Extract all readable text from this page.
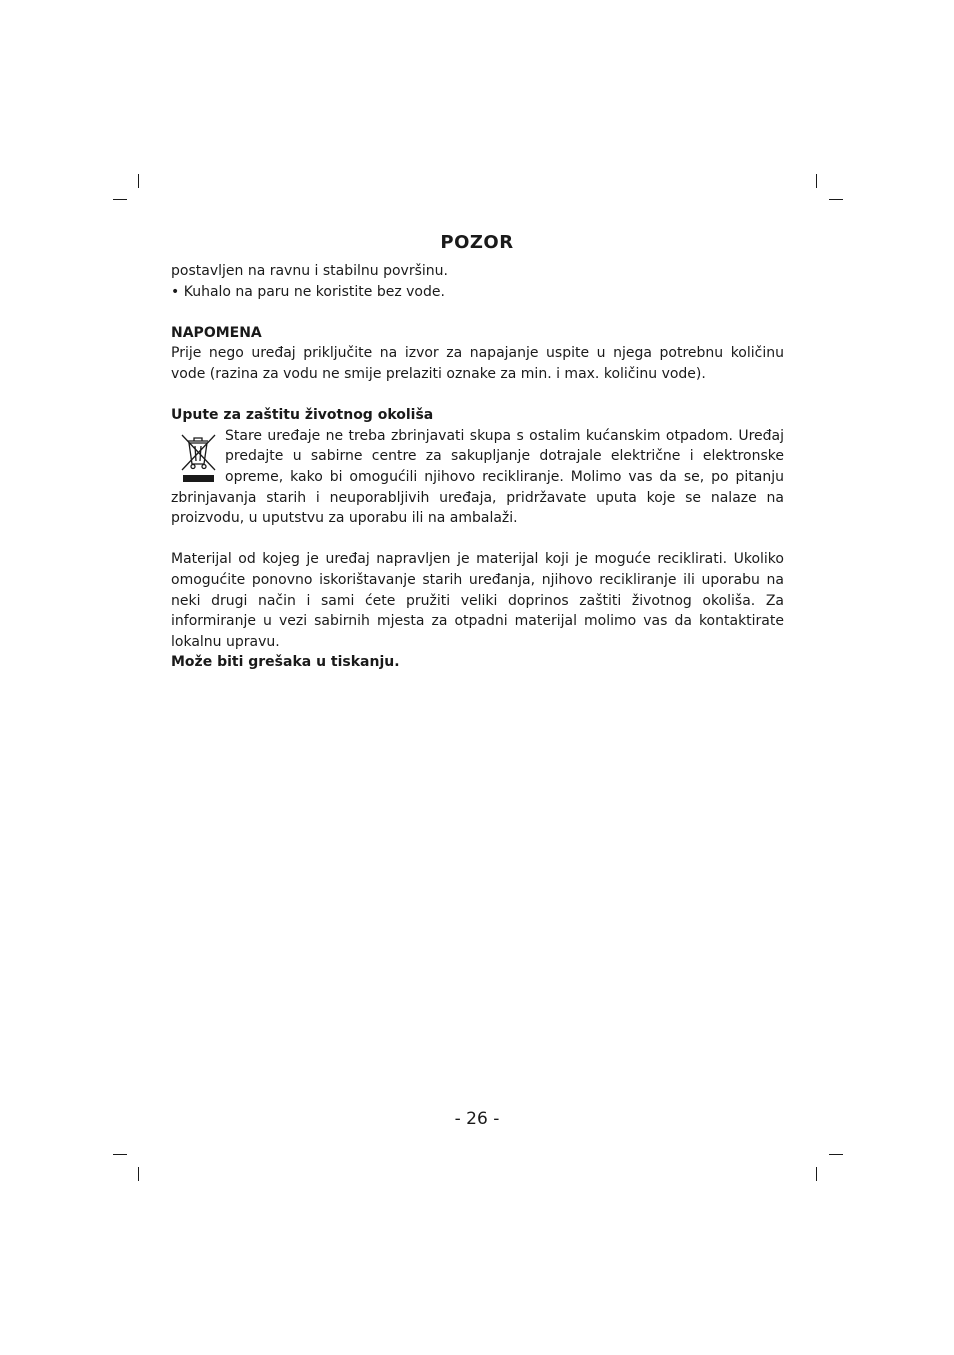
POZOR

postavljen na ravnu i stabilnu površinu.

• Kuhalo na paru ne koristite bez vode.

NAPOMENA

Prije nego uređaj priključite na izvor za napajanje uspite u njega potrebnu količinu vode (razina za vodu ne smije prelaziti oznake za min. i max. količinu vode).

Upute za zaštitu životnog okoliša

Stare uređaje ne treba zbrinjavati skupa s ostalim kućanskim otpadom. Uređaj predajte u sabirne centre za sakupljanje dotrajale električne i elektronske opreme, kako bi omogućili njihovo recikliranje. Molimo vas da se, po pitanju zbrinjavanja starih i neuporabljivih uređaja, pridržavate uputa koje se nalaze na proizvodu, u uputstvu za uporabu ili na ambalaži.

Materijal od kojeg je uređaj napravljen je materijal koji je moguće reciklirati. Ukoliko omogućite ponovno iskorištavanje starih uređanja, njihovo recikliranje ili uporabu na neki drugi način i sami ćete pružiti veliki doprinos zaštiti životnog okoliša. Za informiranje u vezi sabirnih mjesta za otpadni materijal molimo vas da kontaktirate lokalnu upravu.

Može biti grešaka u tiskanju.

- 26 -
